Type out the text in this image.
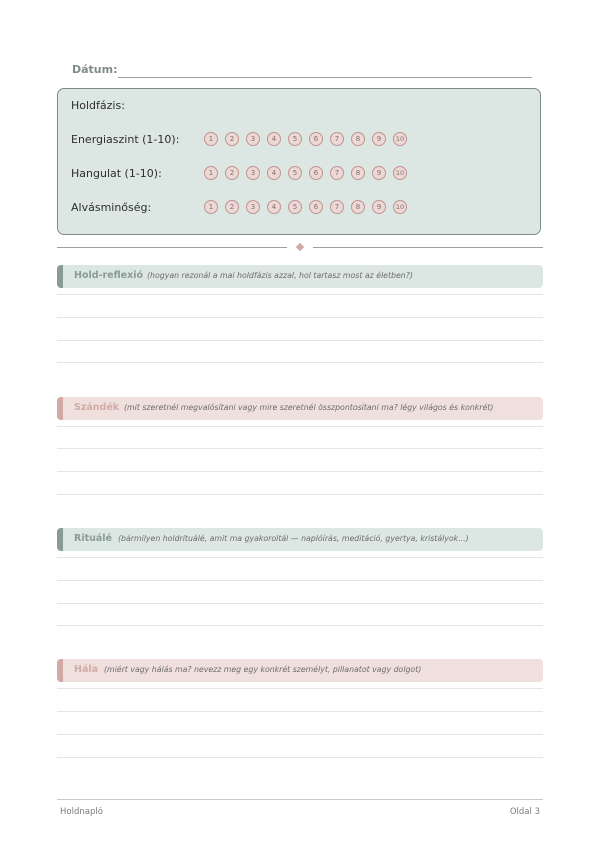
Dátum:
Holdfázis:
Energiaszint (1-10):	1	2	3	4	5	6	7	8	9	10
Hangulat (1-10):	1	2	3	4	5	6	7	8	9	10
Alvásminőség:	1	2	3	4	5	6	7	8	9	10
Hold-reflexió (hogyan rezonál a mai holdfázis azzal, hol tartasz most az életben?)
Szándék (mit szeretnél megvalósítani vagy mire szeretnél összpontosítani ma? légy világos és konkrét)
Rituálé (bármilyen holdrituálé, amit ma gyakoroltál — naplóírás, meditáció, gyertya, kristályok...)
Hála (miért vagy hálás ma? nevezz meg egy konkrét személyt, pillanatot vagy dolgot)
Holdnapló	Oldal 3
